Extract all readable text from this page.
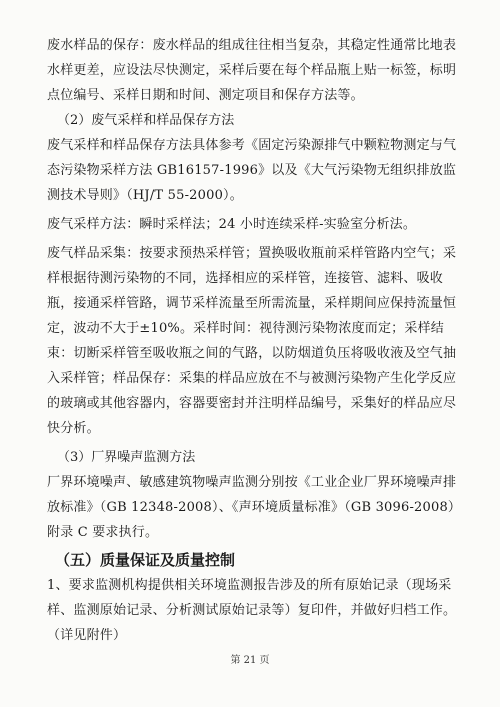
废水样品的保存：废水样品的组成往往相当复杂，其稳定性通常比地表水样更差，应设法尽快测定，采样后要在每个样品瓶上贴一标签，标明点位编号、采样日期和时间、测定项目和保存方法等。

（2）废气采样和样品保存方法

废气采样和样品保存方法具体参考《固定污染源排气中颗粒物测定与气态污染物采样方法 GB16157-1996》以及《大气污染物无组织排放监测技术导则》（HJ/T 55-2000）。

废气采样方法：瞬时采样法；24 小时连续采样-实验室分析法。

废气样品采集：按要求预热采样管；置换吸收瓶前采样管路内空气；采样根据待测污染物的不同，选择相应的采样管，连接管、滤料、吸收瓶，接通采样管路，调节采样流量至所需流量，采样期间应保持流量恒定，波动不大于±10%。采样时间：视待测污染物浓度而定；采样结束：切断采样管至吸收瓶之间的气路，以防烟道负压将吸收液及空气抽入采样管；样品保存：采集的样品应放在不与被测污染物产生化学反应的玻璃或其他容器内，容器要密封并注明样品编号，采集好的样品应尽快分析。

（3）厂界噪声监测方法

厂界环境噪声、敏感建筑物噪声监测分别按《工业企业厂界环境噪声排放标准》（GB 12348-2008）、《声环境质量标准》（GB 3096-2008）附录 C 要求执行。

（五）质量保证及质量控制

1、要求监测机构提供相关环境监测报告涉及的所有原始记录（现场采样、监测原始记录、分析测试原始记录等）复印件，并做好归档工作。（详见附件）

第 21 页
